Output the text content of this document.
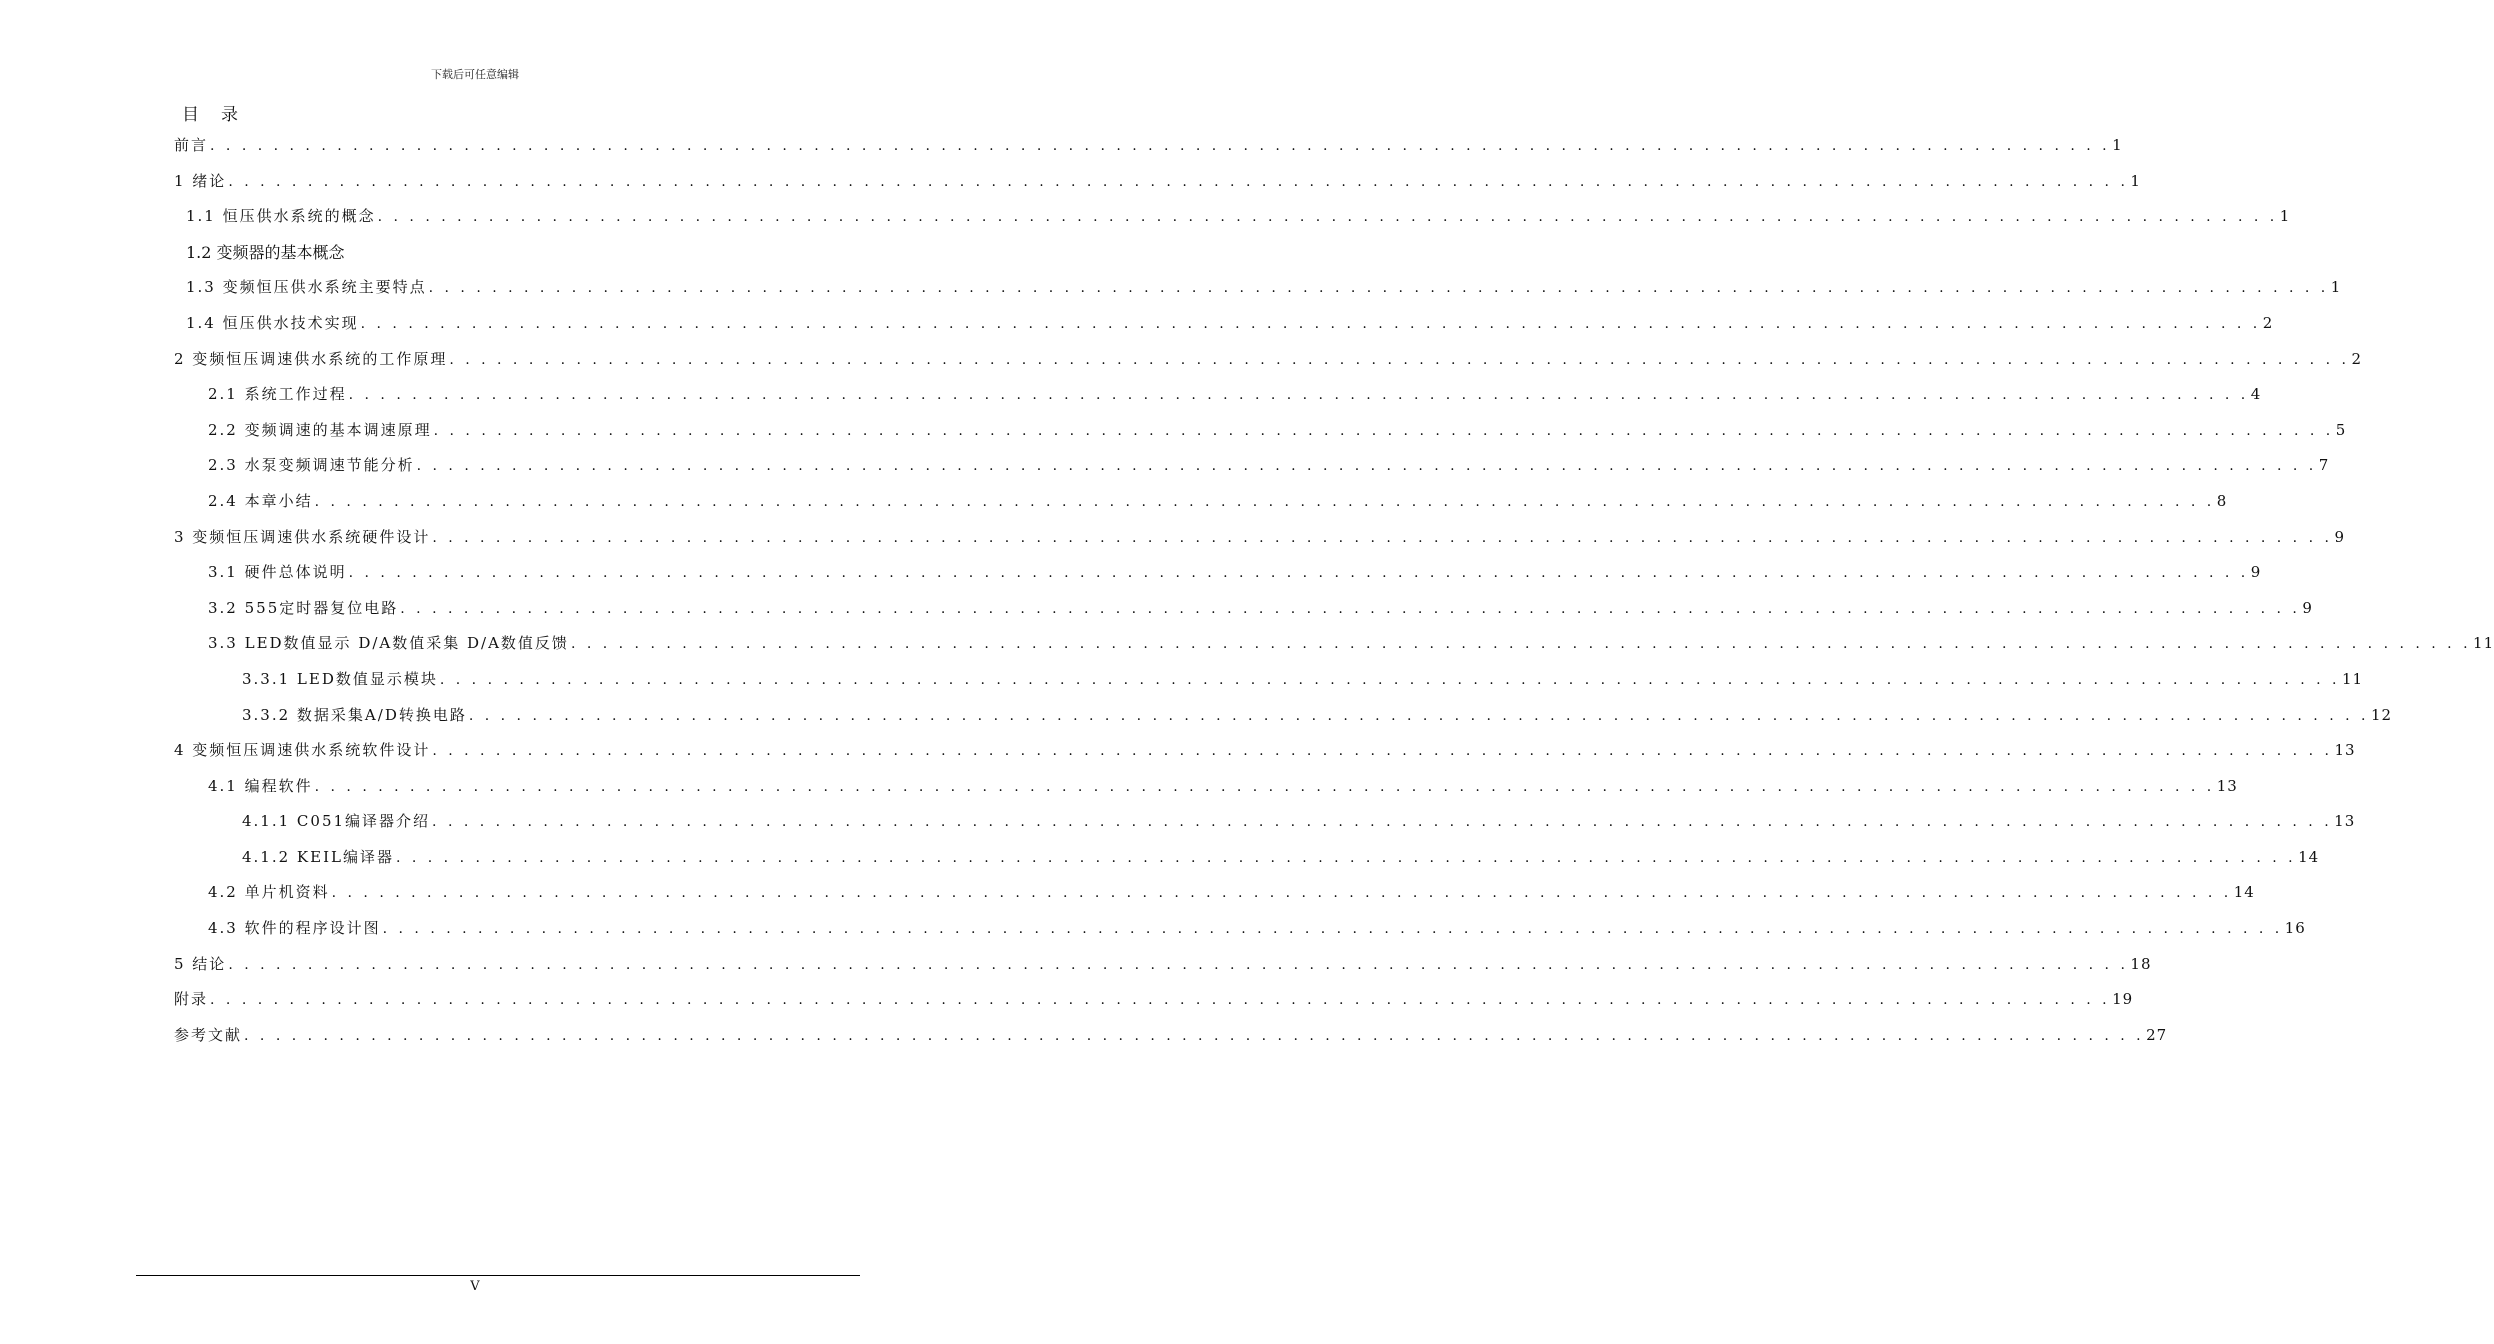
下载后可任意编辑
目录
前言 . . . . . . . . . . . . . . . . . . . . . . . . . . . . . . . . . . . . . . . . . . . . . . . . . . . . . . . . . . . . . . . . . . . . . . . . . . . . . . . . . . . . . . . . . . . . . . . . . . . . . . . . . . . . . . . . . . . . . . . . 1
1 绪论 . . . . . . . . . . . . . . . . . . . . . . . . . . . . . . . . . . . . . . . . . . . . . . . . . . . . . . . . . . . . . . . . . . . . . . . . . . . . . . . . . . . . . . . . . . . . . . . . . . . . . . . . . . . . . . . . . . . . . . . . 1
1.1 恒压供水系统的概念 . . . . . . . . . . . . . . . . . . . . . . . . . . . . . . . . . . . . . . . . . . . . . . . . . . . . . . . . . . . . . . . . . . . . . . . . . . . . . . . . . . . . . . . . . . . . . . . . . . . . . . . . . . . . . . . . . . . . . . . . 1
1.2 变频器的基本概念
1.3 变频恒压供水系统主要特点 . . . . . . . . . . . . . . . . . . . . . . . . . . . . . . . . . . . . . . . . . . . . . . . . . . . . . . . . . . . . . . . . . . . . . . . . . . . . . . . . . . . . . . . . . . . . . . . . . . . . . . . . . . . . . . . . . . . . . . . . 1
1.4 恒压供水技术实现 . . . . . . . . . . . . . . . . . . . . . . . . . . . . . . . . . . . . . . . . . . . . . . . . . . . . . . . . . . . . . . . . . . . . . . . . . . . . . . . . . . . . . . . . . . . . . . . . . . . . . . . . . . . . . . . . . . . . . . . . 2
2 变频恒压调速供水系统的工作原理 . . . . . . . . . . . . . . . . . . . . . . . . . . . . . . . . . . . . . . . . . . . . . . . . . . . . . . . . . . . . . . . . . . . . . . . . . . . . . . . . . . . . . . . . . . . . . . . . . . . . . . . . . . . . . . . . . . . . . . . . 2
2.1 系统工作过程 . . . . . . . . . . . . . . . . . . . . . . . . . . . . . . . . . . . . . . . . . . . . . . . . . . . . . . . . . . . . . . . . . . . . . . . . . . . . . . . . . . . . . . . . . . . . . . . . . . . . . . . . . . . . . . . . . . . . . . . . 4
2.2 变频调速的基本调速原理 . . . . . . . . . . . . . . . . . . . . . . . . . . . . . . . . . . . . . . . . . . . . . . . . . . . . . . . . . . . . . . . . . . . . . . . . . . . . . . . . . . . . . . . . . . . . . . . . . . . . . . . . . . . . . . . . . . . . . . . . 5
2.3 水泵变频调速节能分析 . . . . . . . . . . . . . . . . . . . . . . . . . . . . . . . . . . . . . . . . . . . . . . . . . . . . . . . . . . . . . . . . . . . . . . . . . . . . . . . . . . . . . . . . . . . . . . . . . . . . . . . . . . . . . . . . . . . . . . . . 7
2.4 本章小结 . . . . . . . . . . . . . . . . . . . . . . . . . . . . . . . . . . . . . . . . . . . . . . . . . . . . . . . . . . . . . . . . . . . . . . . . . . . . . . . . . . . . . . . . . . . . . . . . . . . . . . . . . . . . . . . . . . . . . . . . 8
3 变频恒压调速供水系统硬件设计 . . . . . . . . . . . . . . . . . . . . . . . . . . . . . . . . . . . . . . . . . . . . . . . . . . . . . . . . . . . . . . . . . . . . . . . . . . . . . . . . . . . . . . . . . . . . . . . . . . . . . . . . . . . . . . . . . . . . . . . . 9
3.1 硬件总体说明 . . . . . . . . . . . . . . . . . . . . . . . . . . . . . . . . . . . . . . . . . . . . . . . . . . . . . . . . . . . . . . . . . . . . . . . . . . . . . . . . . . . . . . . . . . . . . . . . . . . . . . . . . . . . . . . . . . . . . . . . 9
3.2 555定时器复位电路 . . . . . . . . . . . . . . . . . . . . . . . . . . . . . . . . . . . . . . . . . . . . . . . . . . . . . . . . . . . . . . . . . . . . . . . . . . . . . . . . . . . . . . . . . . . . . . . . . . . . . . . . . . . . . . . . . . . . . . . . 9
3.3 LED数值显示 D/A数值采集 D/A数值反馈 . . . . . . . . . . . . . . . . . . . . . . . . . . . . . . . . . . . . . . . . . . . . . . . . . . . . . . . . . . . . . . . . . . . . . . . . . . . . . . . . . . . . . . . . . . . . . . . . . . . . . . . . . . . . . . . . . . . . . . . . 11
3.3.1 LED数值显示模块 . . . . . . . . . . . . . . . . . . . . . . . . . . . . . . . . . . . . . . . . . . . . . . . . . . . . . . . . . . . . . . . . . . . . . . . . . . . . . . . . . . . . . . . . . . . . . . . . . . . . . . . . . . . . . . . . . . . . . . . . 11
3.3.2 数据采集A/D转换电路 . . . . . . . . . . . . . . . . . . . . . . . . . . . . . . . . . . . . . . . . . . . . . . . . . . . . . . . . . . . . . . . . . . . . . . . . . . . . . . . . . . . . . . . . . . . . . . . . . . . . . . . . . . . . . . . . . . . . . . . . 12
4 变频恒压调速供水系统软件设计 . . . . . . . . . . . . . . . . . . . . . . . . . . . . . . . . . . . . . . . . . . . . . . . . . . . . . . . . . . . . . . . . . . . . . . . . . . . . . . . . . . . . . . . . . . . . . . . . . . . . . . . . . . . . . . . . . . . . . . . . 13
4.1 编程软件 . . . . . . . . . . . . . . . . . . . . . . . . . . . . . . . . . . . . . . . . . . . . . . . . . . . . . . . . . . . . . . . . . . . . . . . . . . . . . . . . . . . . . . . . . . . . . . . . . . . . . . . . . . . . . . . . . . . . . . . . 13
4.1.1 C051编译器介绍 . . . . . . . . . . . . . . . . . . . . . . . . . . . . . . . . . . . . . . . . . . . . . . . . . . . . . . . . . . . . . . . . . . . . . . . . . . . . . . . . . . . . . . . . . . . . . . . . . . . . . . . . . . . . . . . . . . . . . . . . 13
4.1.2 KEIL编译器 . . . . . . . . . . . . . . . . . . . . . . . . . . . . . . . . . . . . . . . . . . . . . . . . . . . . . . . . . . . . . . . . . . . . . . . . . . . . . . . . . . . . . . . . . . . . . . . . . . . . . . . . . . . . . . . . . . . . . . . . 14
4.2 单片机资料 . . . . . . . . . . . . . . . . . . . . . . . . . . . . . . . . . . . . . . . . . . . . . . . . . . . . . . . . . . . . . . . . . . . . . . . . . . . . . . . . . . . . . . . . . . . . . . . . . . . . . . . . . . . . . . . . . . . . . . . . 14
4.3 软件的程序设计图 . . . . . . . . . . . . . . . . . . . . . . . . . . . . . . . . . . . . . . . . . . . . . . . . . . . . . . . . . . . . . . . . . . . . . . . . . . . . . . . . . . . . . . . . . . . . . . . . . . . . . . . . . . . . . . . . . . . . . . . . 16
5 结论 . . . . . . . . . . . . . . . . . . . . . . . . . . . . . . . . . . . . . . . . . . . . . . . . . . . . . . . . . . . . . . . . . . . . . . . . . . . . . . . . . . . . . . . . . . . . . . . . . . . . . . . . . . . . . . . . . . . . . . . . 18
附录 . . . . . . . . . . . . . . . . . . . . . . . . . . . . . . . . . . . . . . . . . . . . . . . . . . . . . . . . . . . . . . . . . . . . . . . . . . . . . . . . . . . . . . . . . . . . . . . . . . . . . . . . . . . . . . . . . . . . . . . . 19
参考文献 . . . . . . . . . . . . . . . . . . . . . . . . . . . . . . . . . . . . . . . . . . . . . . . . . . . . . . . . . . . . . . . . . . . . . . . . . . . . . . . . . . . . . . . . . . . . . . . . . . . . . . . . . . . . . . . . . . . . . . . . 27
V
